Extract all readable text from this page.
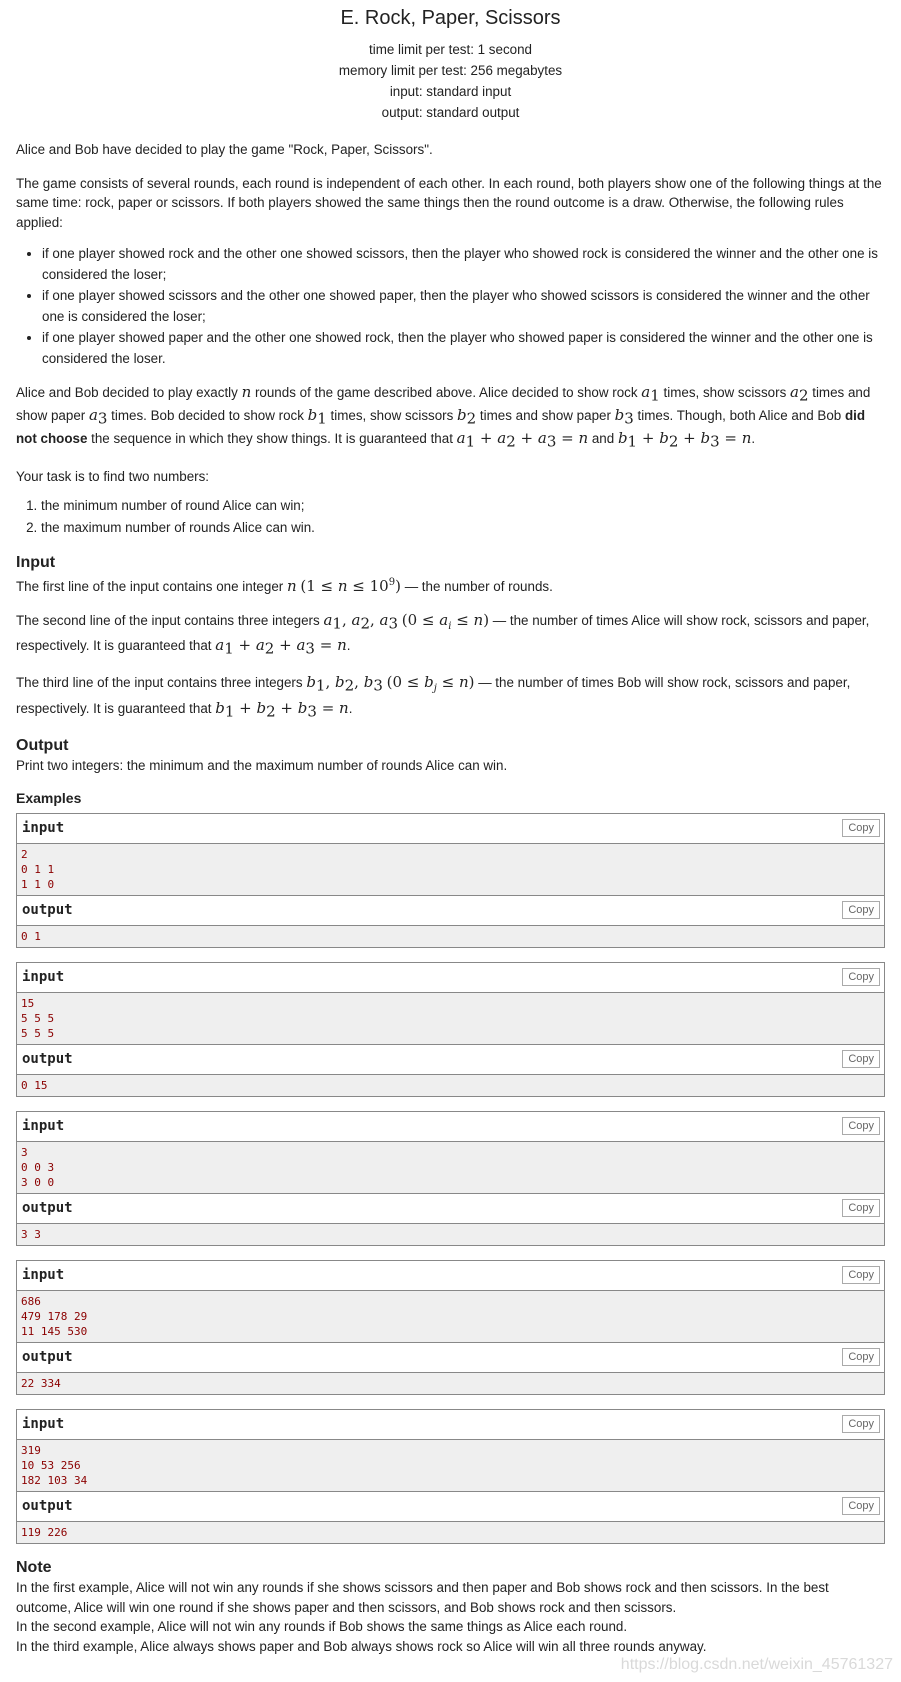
E. Rock, Paper, Scissors
time limit per test: 1 second
memory limit per test: 256 megabytes
input: standard input
output: standard output

Alice and Bob have decided to play the game "Rock, Paper, Scissors".

The game consists of several rounds, each round is independent of each other. In each round, both players show one of the following things at the same time: rock, paper or scissors. If both players showed the same things then the round outcome is a draw. Otherwise, the following rules applied:

• if one player showed rock and the other one showed scissors, then the player who showed rock is considered the winner and the other one is considered the loser;
• if one player showed scissors and the other one showed paper, then the player who showed scissors is considered the winner and the other one is considered the loser;
• if one player showed paper and the other one showed rock, then the player who showed paper is considered the winner and the other one is considered the loser.

Alice and Bob decided to play exactly n rounds of the game described above. Alice decided to show rock $a_1$ times, show scissors $a_2$ times and show paper $a_3$ times. Bob decided to show rock $b_1$ times, show scissors $b_2$ times and show paper $b_3$ times. Though, both Alice and Bob did not choose the sequence in which they show things. It is guaranteed that $a_1 + a_2 + a_3 = n$ and $b_1 + b_2 + b_3 = n$.

Your task is to find two numbers:

1. the minimum number of round Alice can win;
2. the maximum number of rounds Alice can win.
Input

The first line of the input contains one integer n $(1 \le n \le 10^9)$ — the number of rounds.

The second line of the input contains three integers $a_1$, $a_2$, $a_3$ $(0 \le a_i \le n)$ — the number of times Alice will show rock, scissors and paper, respectively. It is guaranteed that $a_1 + a_2 + a_3 = n$.

The third line of the input contains three integers $b_1$, $b_2$, $b_3$ $(0 \le b_j \le n)$ — the number of times Bob will show rock, scissors and paper, respectively. It is guaranteed that $b_1 + b_2 + b_3 = n$.

Output

Print two integers: the minimum and the maximum number of rounds Alice can win.

Examples
input	Copy
2
0 1 1
1 1 0
output	Copy
0 1
input	Copy
15
5 5 5
5 5 5
output	Copy
0 15
input	Copy
3
0 0 3
3 0 0
output	Copy
3 3
input	Copy
686
479 178 29
11 145 530
output	Copy
22 334
input	Copy
319
10 53 256
182 103 34
output	Copy
119 226
Note

In the first example, Alice will not win any rounds if she shows scissors and then paper and Bob shows rock and then scissors. In the best outcome, Alice will win one round if she shows paper and then scissors, and Bob shows rock and then scissors.

In the second example, Alice will not win any rounds if Bob shows the same things as Alice each round.

In the third example, Alice always shows paper and Bob always shows rock so Alice will win all three rounds anyway.

https://blog.csdn.net/weixin_45761327
